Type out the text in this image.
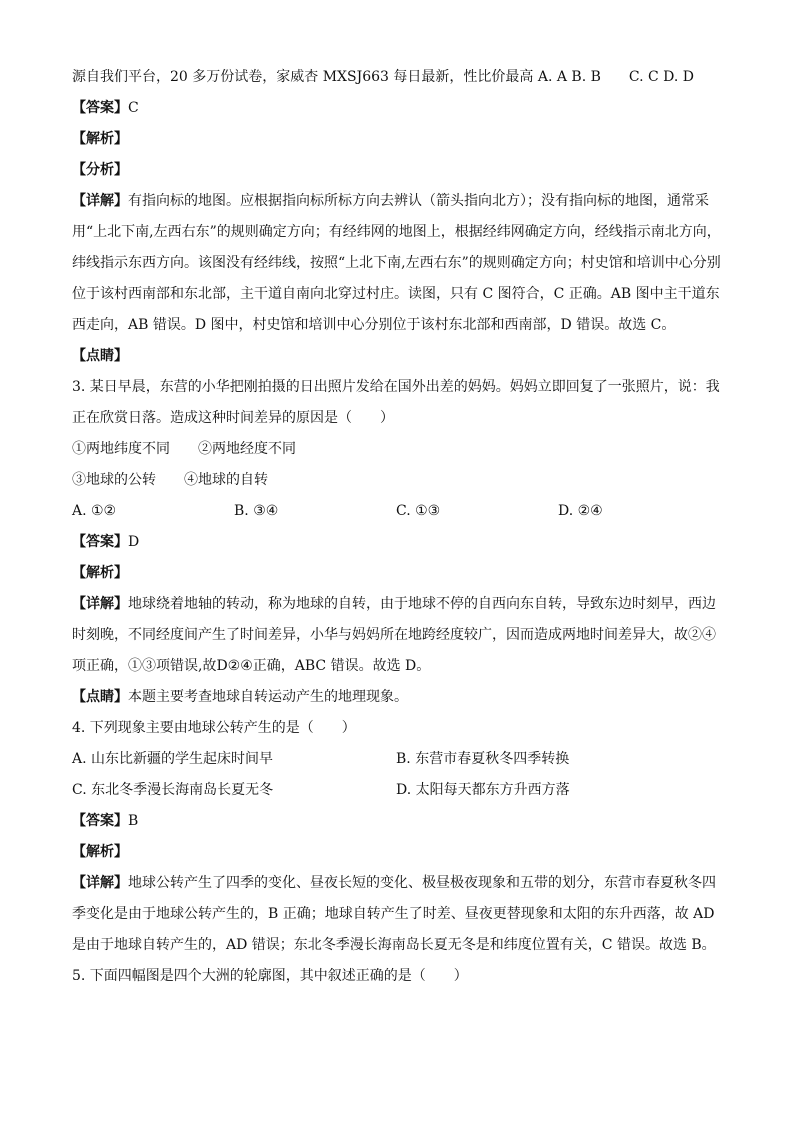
源自我们平台，20 多万份试卷，家威杏 MXSJ663 每日最新，性比价最高 A. A B. B　　C. C D. D
【答案】C
【解析】
【分析】
【详解】有指向标的地图。应根据指向标所标方向去辨认（箭头指向北方）；没有指向标的地图，通常采
用“上北下南,左西右东”的规则确定方向；有经纬网的地图上，根据经纬网确定方向，经线指示南北方向，
纬线指示东西方向。该图没有经纬线，按照“上北下南,左西右东”的规则确定方向；村史馆和培训中心分别
位于该村西南部和东北部，主干道自南向北穿过村庄。读图，只有 C 图符合，C 正确。AB 图中主干道东
西走向，AB 错误。D 图中，村史馆和培训中心分别位于该村东北部和西南部，D 错误。故选 C。
【点睛】
3. 某日早晨，东营的小华把刚拍摄的日出照片发给在国外出差的妈妈。妈妈立即回复了一张照片，说：我
正在欣赏日落。造成这种时间差异的原因是（　　）
①两地纬度不同　　②两地经度不同
③地球的公转　　④地球的自转
A. ①②	B. ③④	C. ①③	D. ②④
【答案】D
【解析】
【详解】地球绕着地轴的转动，称为地球的自转，由于地球不停的自西向东自转，导致东边时刻早，西边
时刻晚，不同经度间产生了时间差异，小华与妈妈所在地跨经度较广，因而造成两地时间差异大，故②④
项正确，①③项错误,故D②④正确，ABC 错误。故选 D。
【点睛】本题主要考查地球自转运动产生的地理现象。
4. 下列现象主要由地球公转产生的是（　　）
A. 山东比新疆的学生起床时间早	B. 东营市春夏秋冬四季转换
C. 东北冬季漫长海南岛长夏无冬	D. 太阳每天都东方升西方落
【答案】B
【解析】
【详解】地球公转产生了四季的变化、昼夜长短的变化、极昼极夜现象和五带的划分，东营市春夏秋冬四
季变化是由于地球公转产生的，B 正确；地球自转产生了时差、昼夜更替现象和太阳的东升西落，故 AD
是由于地球自转产生的，AD 错误；东北冬季漫长海南岛长夏无冬是和纬度位置有关，C 错误。故选 B。
5. 下面四幅图是四个大洲的轮廓图，其中叙述正确的是（　　）
